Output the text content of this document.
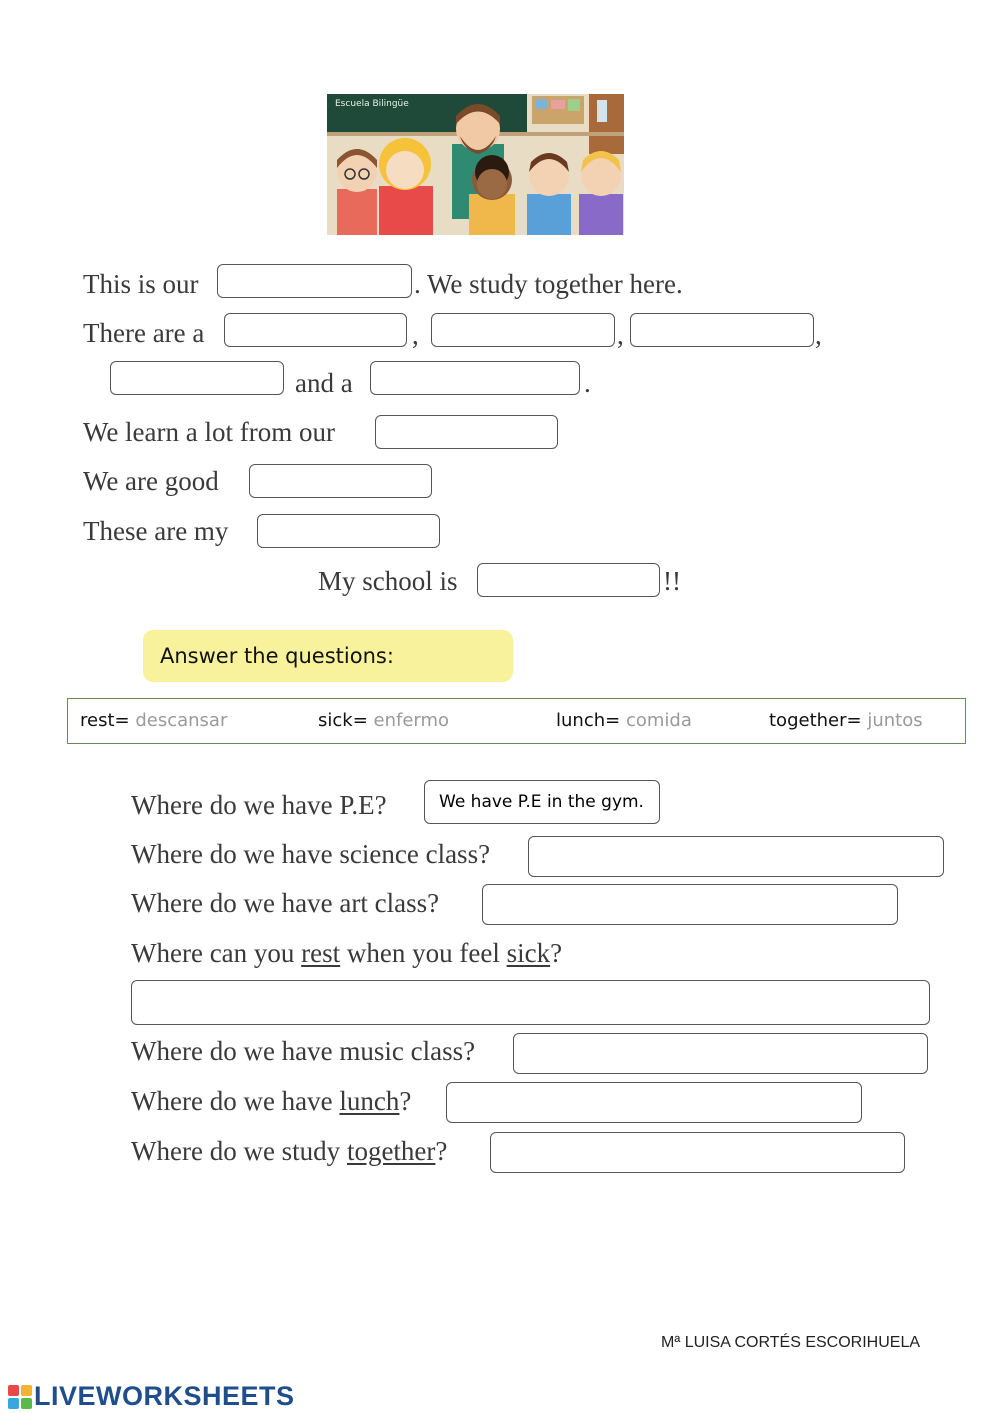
Escuela Bilingüe
This is our	. We study together here.
There are a	,	,	,
and a	.
We learn a lot from our
We are good
These are my
My school is	!!
Answer the questions:
rest= descansar	sick= enfermo	lunch= comida	together= juntos
Where do we have P.E?	We have P.E in the gym.
Where do we have science class?
Where do we have art class?
Where can you rest when you feel sick?
Where do we have music class?
Where do we have lunch?
Where do we study together?
Mª LUISA CORTÉS ESCORIHUELA
LIVEWORKSHEETS
